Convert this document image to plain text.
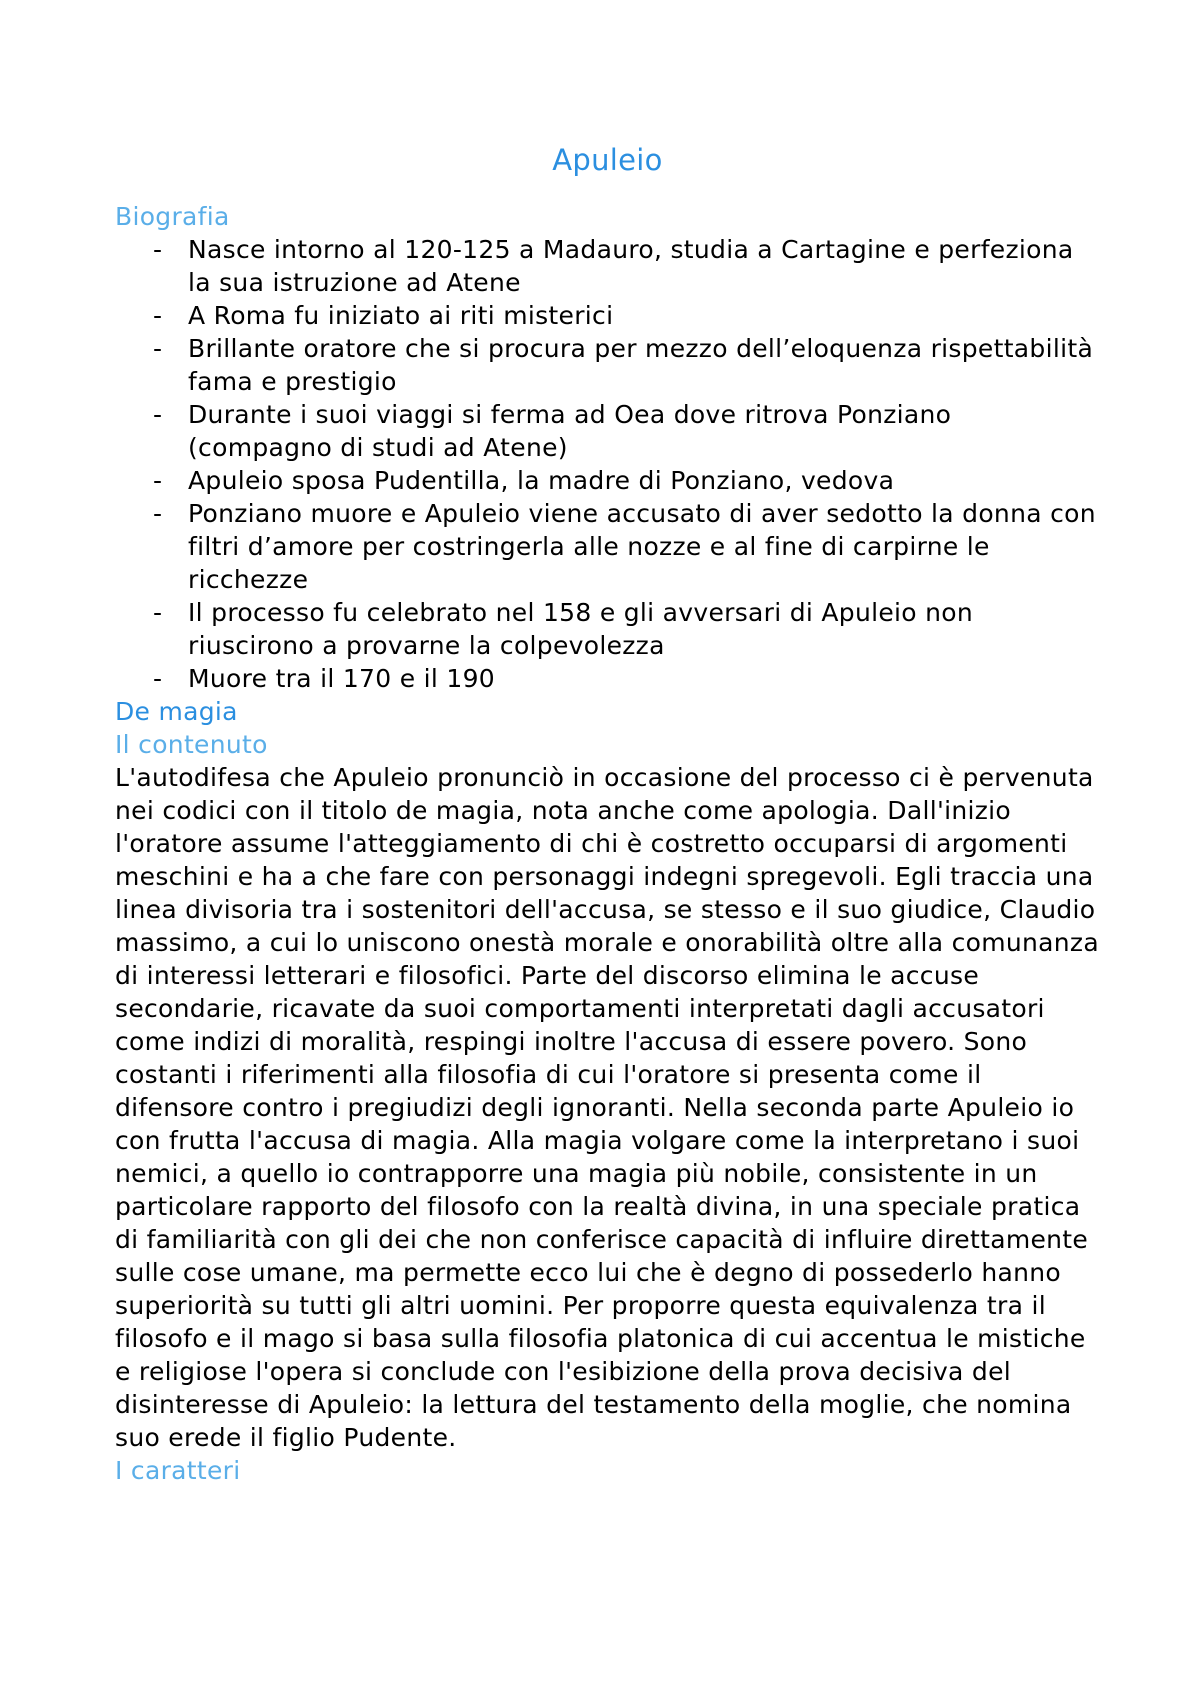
Apuleio
Biografia
- Nasce intorno al 120-125 a Madauro, studia a Cartagine e perfeziona la sua istruzione ad Atene
- A Roma fu iniziato ai riti misterici
- Brillante oratore che si procura per mezzo dell’eloquenza rispettabilità fama e prestigio
- Durante i suoi viaggi si ferma ad Oea dove ritrova Ponziano (compagno di studi ad Atene)
- Apuleio sposa Pudentilla, la madre di Ponziano, vedova
- Ponziano muore e Apuleio viene accusato di aver sedotto la donna con filtri d’amore per costringerla alle nozze e al fine di carpirne le ricchezze
- Il processo fu celebrato nel 158 e gli avversari di Apuleio non riuscirono a provarne la colpevolezza
- Muore tra il 170 e il 190
De magia
Il contenuto

L'autodifesa che Apuleio pronunciò in occasione del processo ci è pervenuta nei codici con il titolo de magia, nota anche come apologia. Dall'inizio l'oratore assume l'atteggiamento di chi è costretto occuparsi di argomenti meschini e ha a che fare con personaggi indegni spregevoli. Egli traccia una linea divisoria tra i sostenitori dell'accusa, se stesso e il suo giudice, Claudio massimo, a cui lo uniscono onestà morale e onorabilità oltre alla comunanza di interessi letterari e filosofici. Parte del discorso elimina le accuse secondarie, ricavate da suoi comportamenti interpretati dagli accusatori come indizi di moralità, respingi inoltre l'accusa di essere povero. Sono costanti i riferimenti alla filosofia di cui l'oratore si presenta come il difensore contro i pregiudizi degli ignoranti. Nella seconda parte Apuleio io con frutta l'accusa di magia. Alla magia volgare come la interpretano i suoi nemici, a quello io contrapporre una magia più nobile, consistente in un particolare rapporto del filosofo con la realtà divina, in una speciale pratica di familiarità con gli dei che non conferisce capacità di influire direttamente sulle cose umane, ma permette ecco lui che è degno di possederlo hanno superiorità su tutti gli altri uomini. Per proporre questa equivalenza tra il filosofo e il mago si basa sulla filosofia platonica di cui accentua le mistiche e religiose l'opera si conclude con l'esibizione della prova decisiva del disinteresse di Apuleio: la lettura del testamento della moglie, che nomina suo erede il figlio Pudente.

I caratteri
